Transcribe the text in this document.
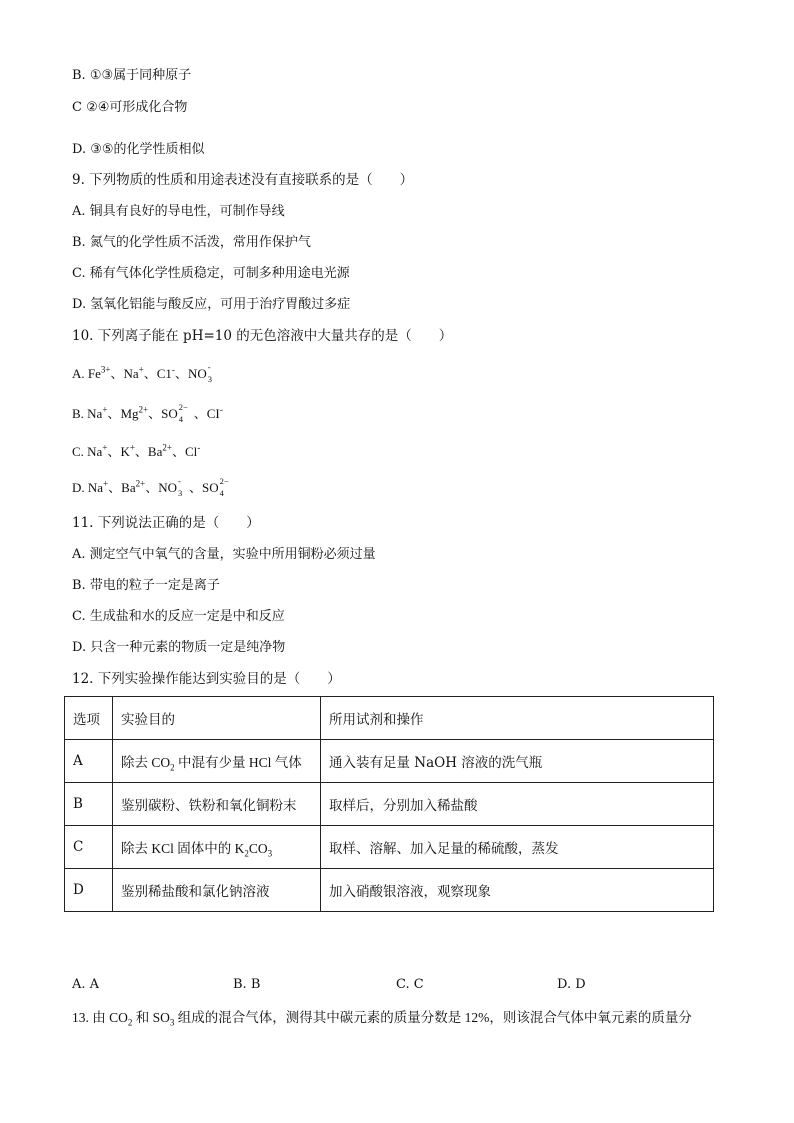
B. ①③属于同种原子
C ②④可形成化合物
D. ③⑤的化学性质相似
9. 下列物质的性质和用途表述没有直接联系的是（　　）
A. 铜具有良好的导电性，可制作导线
B. 氮气的化学性质不活泼，常用作保护气
C. 稀有气体化学性质稳定，可制多种用途电光源
D. 氢氧化铝能与酸反应，可用于治疗胃酸过多症
10. 下列离子能在 pH=10 的无色溶液中大量共存的是（　　）
A. $Fe^{3+}$、Na+、C1-、NO -
3
B. Na+、$Mg^{2+}$、SO 2−
4 、CI-
C. Na+、K+、$Ba^{2+}$、Cl-
D. Na+、$Ba^{2+}$、NO -
3 、SO 2−
4
11. 下列说法正确的是（　　）
A. 测定空气中氧气的含量，实验中所用铜粉必须过量
B. 带电的粒子一定是离子
C. 生成盐和水的反应一定是中和反应
D. 只含一种元素的物质一定是纯净物
12. 下列实验操作能达到实验目的是（　　）
选项	实验目的	所用试剂和操作
A	除去 $CO_2$ 中混有少量 HCl 气体	通入装有足量 NaOH 溶液的洗气瓶
B	鉴别碳粉、铁粉和氧化铜粉末	取样后，分别加入稀盐酸
C	除去 KCl 固体中的 $K_2CO_3$	取样、溶解、加入足量的稀硫酸，蒸发
D	鉴别稀盐酸和氯化钠溶液	加入硝酸银溶液，观察现象
A. A	B. B	C. C	D. D
13. 由 $CO_2$ 和 $SO_3$ 组成的混合气体，测得其中碳元素的质量分数是 12%，则该混合气体中氧元素的质量分
